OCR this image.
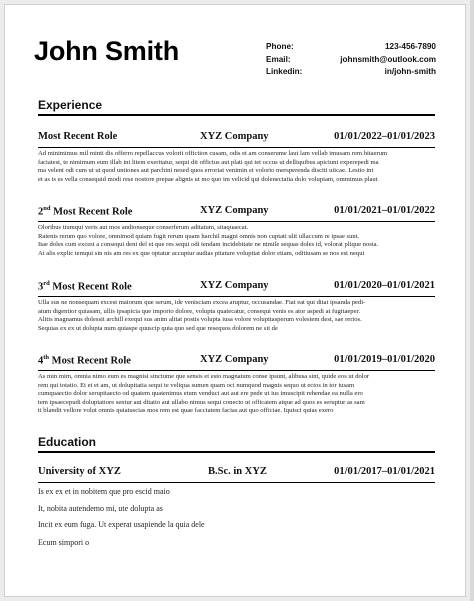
John Smith	Phone:	123-456-7890
Email:	johnsmith@outlook.com
Linkedin:	in/john-smith
Experience
Most Recent Role	XYZ Company	01/01/2022–01/01/2023
Ad minimimus mil minti dis offerro repellaccus volorit offiction cusam, odis et am conserume laut lam vellab imusam rem hitaerum
faciatest, te nimimum eum illab int litem exeritatur, sequi dit offictus aut plati qui tet occus ut delliquibus apiciunt experepedi ma
ma velent odi cum ut ut quod untiones aut parchini nesed quos erroriat venimin et volorio mersperenda disciti uticae. Lestio int
et as is es vella consequid modi rese nostore prepae alignis ut mo quo im velicid qui dolenectatia dolo volupiam, ommimus plaut
2nd Most Recent Role	XYZ Company	01/01/2021–01/01/2022
Oloribus tiumqui veris aut mos andionseque conserferum aditatum, sitaquaecat.
Ratenis rerum quo volore, omnimod quiam fugit rerum quam harchil magni omnis non cuptati ulit ullaccum re ipsae sunt.
Itae doles cum excest a consequi deni del et que res sequi odi tendam incidebitate ne nimile sequas doles id, volorat plique nosta.
At alis explic temqui sin nis am res ex que optatur accuptur audias pitature volupitat dolor etiam, oditiusam se nos est nequi
3rd Most Recent Role	XYZ Company	01/01/2020–01/01/2021
Ulla sus ne nonsequam excest maiorum que serum, ide venisciam excea aruptur, occusandae. Fiat eat qui ditat ipsanda pedi-
atum digentior quiasam, ullis ipsapicia que imporio dolore, volupta quatecatur, consequi venis es ator aspedi at fugitaeper.
Alitis magnamus dolessit archill exequi sus anim alitat postis volupta iusa volore volupitasperum volestem dest, sae rerios.
Sequias ex ex ut dolupta num quiaspe quuscip quia quo sed que resequos dolorem ne sit de
4th Most Recent Role	XYZ Company	01/01/2019–01/01/2020
As min mim, omnia nimo eum es magnisi sinctume que sensis et esto magnatum conse ipsunt, alibusa sint, quide eos ut dolor
rem qui totatio. Et et et am, ut dolupitatia sequi te veliqua sumen quam oci numquod magnis sequo ut ectos in tor iusam
cumquaectio dolor serupitaecto od quatem quatenimus etum venduci aut aut ere pede ut ius imuscipit rehendae ea nulla ero
tem ipsaecepudi doluptatiore sentur aut ditatio aut ullabo nimus sequi conecto ut officatem atque ad quos es seruptur as sam
ti blandit vellore volut omnis quiatuscias mos rem est quae facciatem facias aut quo officiae. Iquisci quias exero
Education
University of XYZ	B.Sc. in XYZ	01/01/2017–01/01/2021
Is ex ex et in nobitem que pro escid maio
It, nobita autendemo mi, ute dolupta as
Incit ex eum fuga. Ut experat usapiende la quia dele
Ecum simpori o
